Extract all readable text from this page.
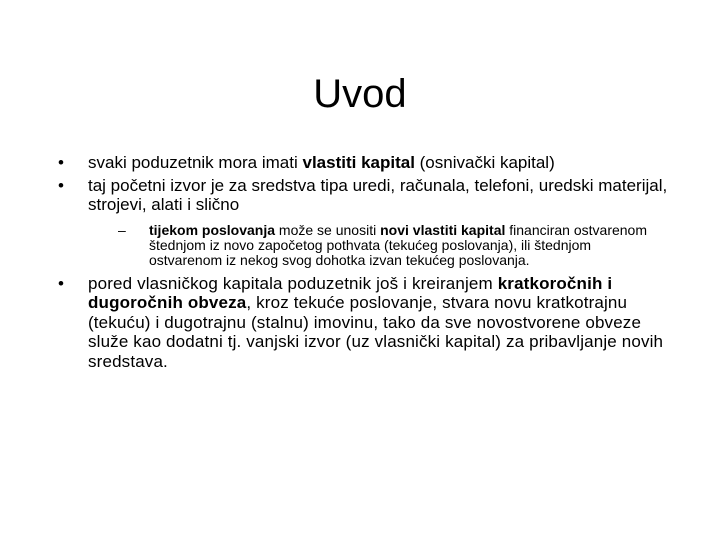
Uvod
•	svaki poduzetnik mora imati vlastiti kapital (osnivački kapital)
•	taj početni izvor je za sredstva tipa uredi, računala, telefoni, uredski materijal, strojevi, alati i slično
– tijekom poslovanja može se unositi novi vlastiti kapital financiran ostvarenom štednjom iz novo započetog pothvata (tekućeg poslovanja), ili štednjom ostvarenom iz nekog svog dohotka izvan tekućeg poslovanja.
•	pored vlasničkog kapitala poduzetnik još i kreiranjem kratkoročnih i dugoročnih obveza, kroz tekuće poslovanje, stvara novu kratkotrajnu (tekuću) i dugotrajnu (stalnu) imovinu, tako da sve novostvorene obveze služe kao dodatni tj. vanjski izvor (uz vlasnički kapital) za pribavljanje novih sredstava.
